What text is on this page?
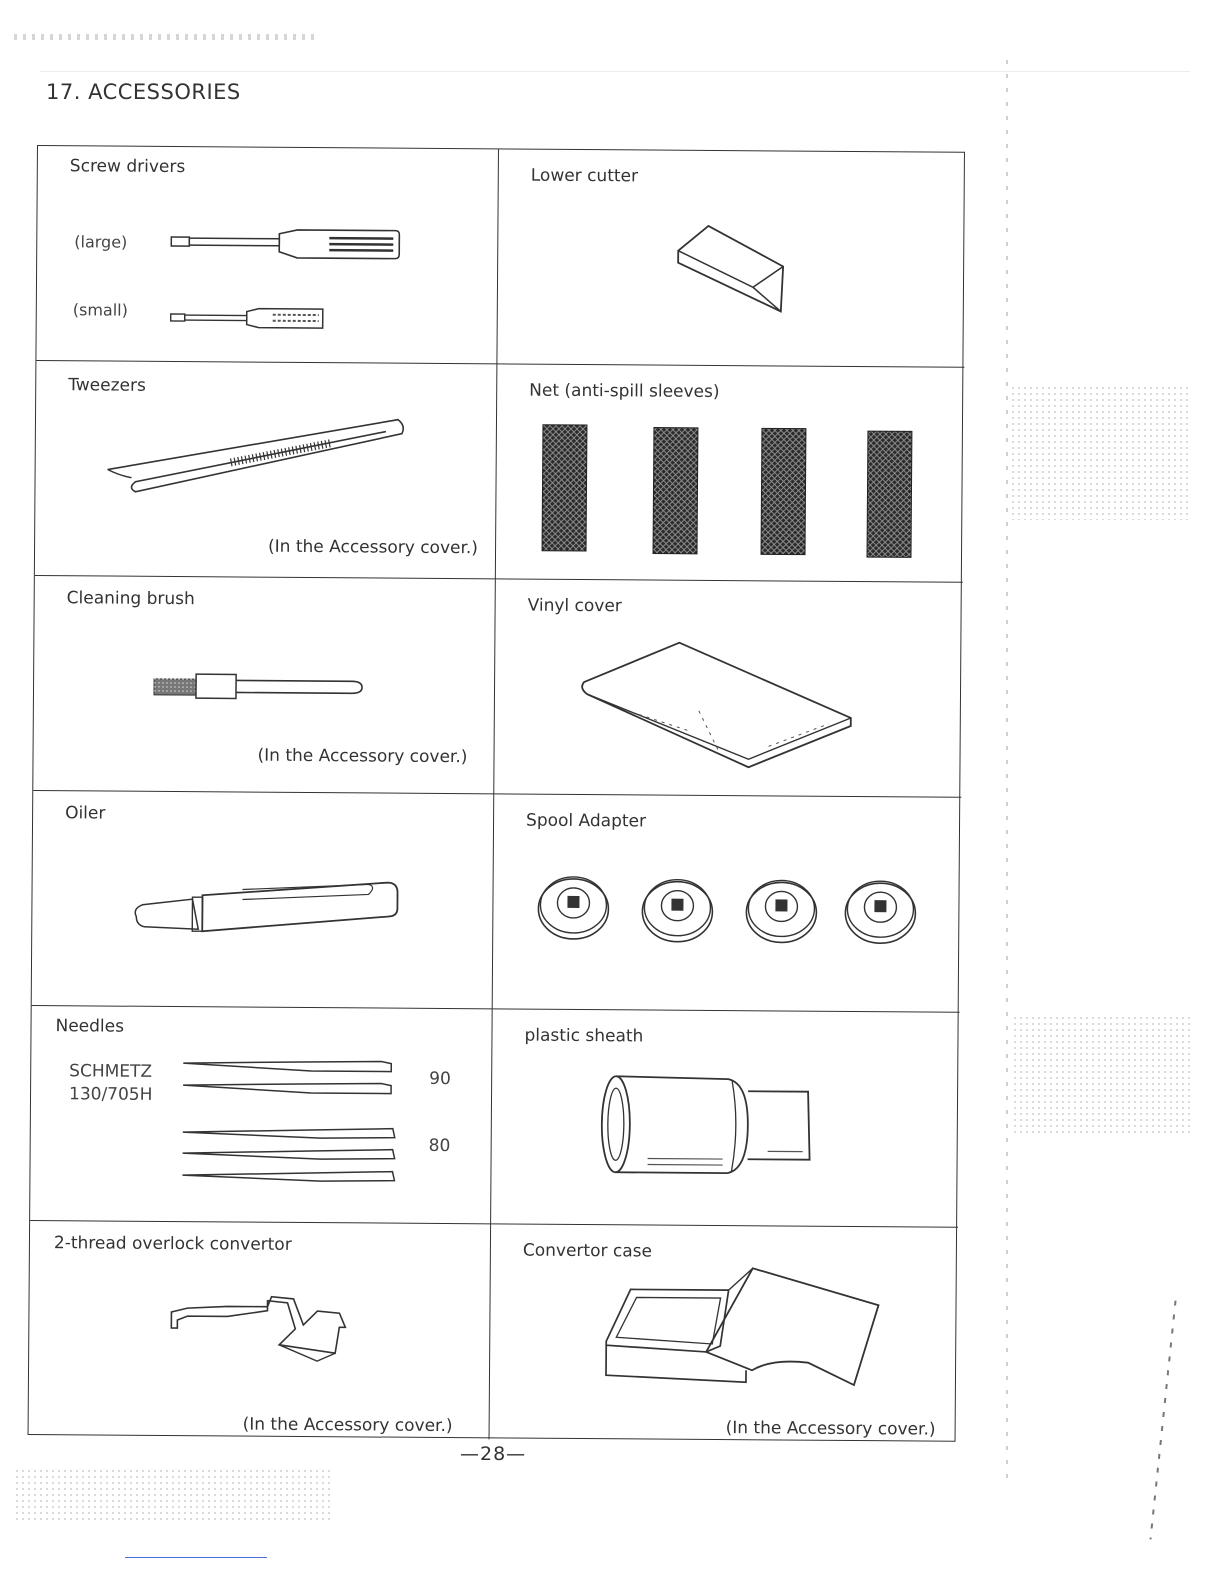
17. ACCESSORIES
Screw drivers
(large)
(small)
Lower cutter
Tweezers
(In the Accessory cover.)
Net (anti-spill sleeves)
Cleaning brush
(In the Accessory cover.)
Vinyl cover
Oiler	Spool Adapter
Needles
SCHMETZ
130/705H
90
80
plastic sheath
2-thread overlock convertor
(In the Accessory cover.)
Convertor case
(In the Accessory cover.)
—28—
